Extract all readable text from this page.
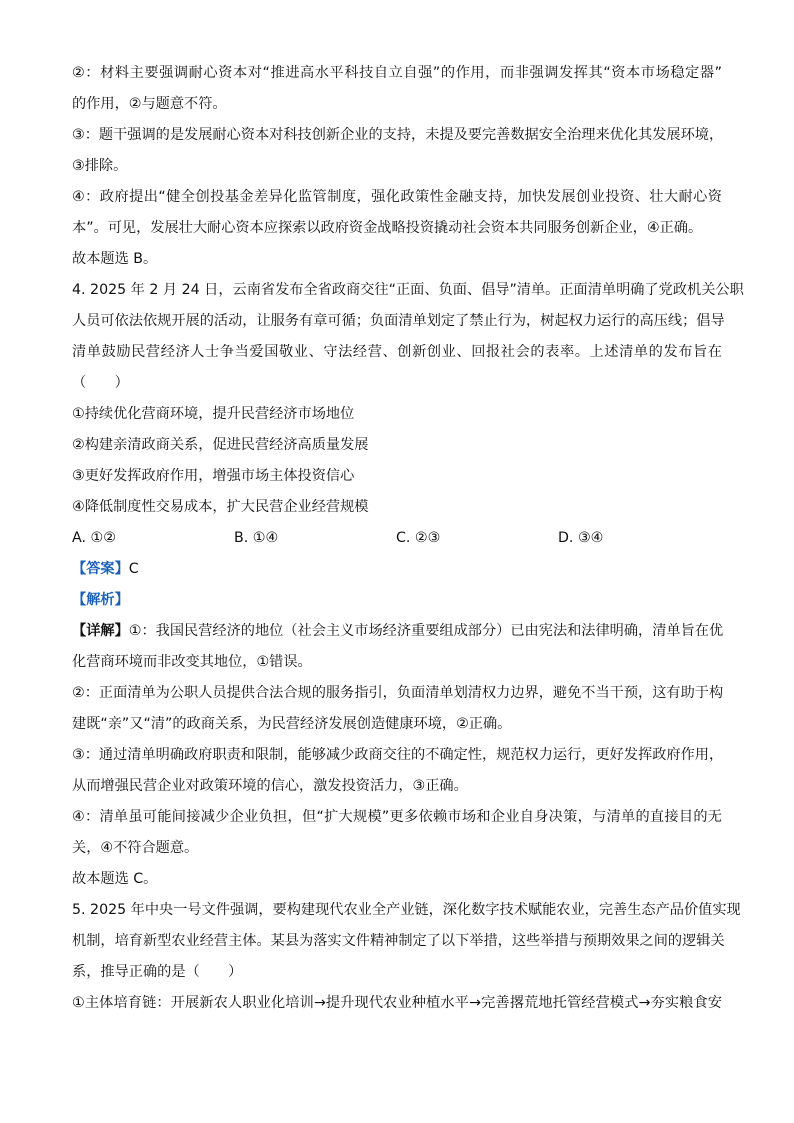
②：材料主要强调耐心资本对“推进高水平科技自立自强”的作用，而非强调发挥其“资本市场稳定器”
的作用，②与题意不符。
③：题干强调的是发展耐心资本对科技创新企业的支持，未提及要完善数据安全治理来优化其发展环境，
③排除。
④：政府提出“健全创投基金差异化监管制度，强化政策性金融支持，加快发展创业投资、壮大耐心资
本”。可见，发展壮大耐心资本应探索以政府资金战略投资撬动社会资本共同服务创新企业，④正确。
故本题选 B。
4. 2025 年 2 月 24 日，云南省发布全省政商交往“正面、负面、倡导”清单。正面清单明确了党政机关公职
人员可依法依规开展的活动，让服务有章可循；负面清单划定了禁止行为，树起权力运行的高压线；倡导
清单鼓励民营经济人士争当爱国敬业、守法经营、创新创业、回报社会的表率。上述清单的发布旨在
（　　）
①持续优化营商环境，提升民营经济市场地位
②构建亲清政商关系，促进民营经济高质量发展
③更好发挥政府作用，增强市场主体投资信心
④降低制度性交易成本，扩大民营企业经营规模
A. ①②	B. ①④	C. ②③	D. ③④
【答案】C
【解析】
【详解】①：我国民营经济的地位（社会主义市场经济重要组成部分）已由宪法和法律明确，清单旨在优
化营商环境而非改变其地位，①错误。
②：正面清单为公职人员提供合法合规的服务指引，负面清单划清权力边界，避免不当干预，这有助于构
建既“亲”又“清”的政商关系，为民营经济发展创造健康环境，②正确。
③：通过清单明确政府职责和限制，能够减少政商交往的不确定性，规范权力运行，更好发挥政府作用，
从而增强民营企业对政策环境的信心，激发投资活力，③正确。
④：清单虽可能间接减少企业负担，但“扩大规模”更多依赖市场和企业自身决策，与清单的直接目的无
关，④不符合题意。
故本题选 C。
5. 2025 年中央一号文件强调，要构建现代农业全产业链，深化数字技术赋能农业，完善生态产品价值实现
机制，培育新型农业经营主体。某县为落实文件精神制定了以下举措，这些举措与预期效果之间的逻辑关
系，推导正确的是（　　）
①主体培育链：开展新农人职业化培训→提升现代农业种植水平→完善撂荒地托管经营模式→夯实粮食安
